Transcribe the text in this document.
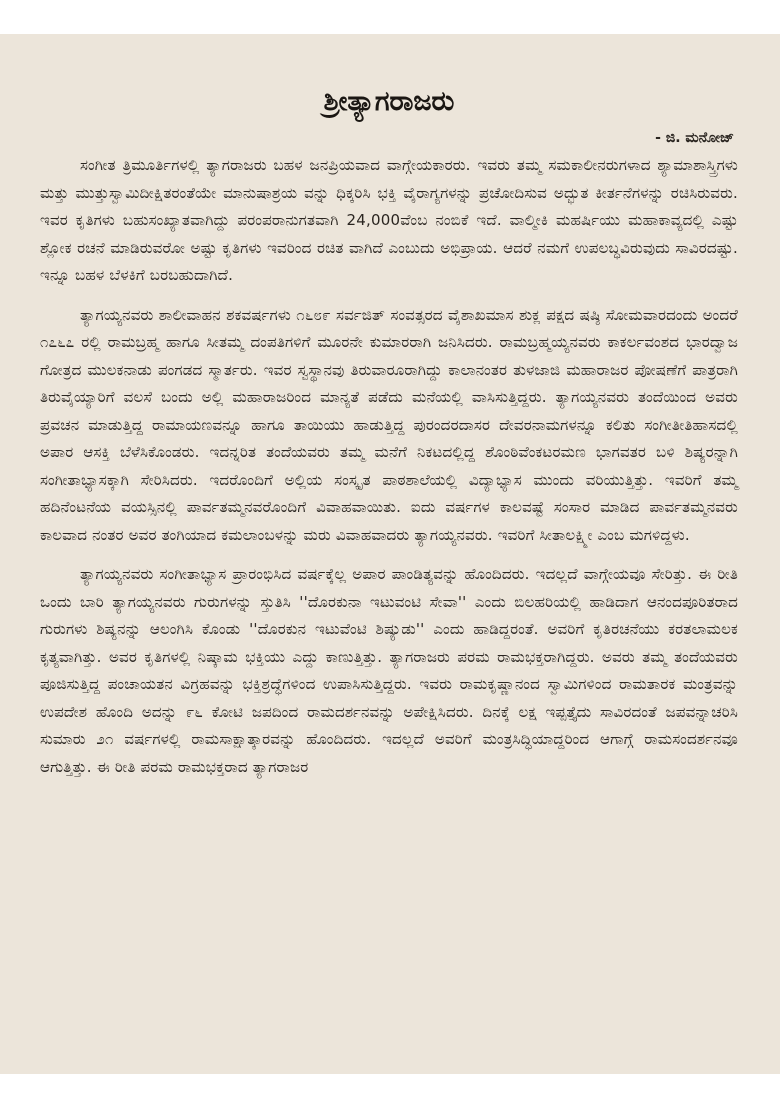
ಶ್ರೀತ್ಯಾಗರಾಜರು
- ಜಿ. ಮನೋಜ್

ಸಂಗೀತ ತ್ರಿಮೂರ್ತಿಗಳಲ್ಲಿ ತ್ಯಾಗರಾಜರು ಬಹಳ ಜನಪ್ರಿಯವಾದ ವಾಗ್ಗೇಯಕಾರರು. ಇವರು ತಮ್ಮ ಸಮಕಾಲೀನರುಗಳಾದ ಶ್ಯಾಮಾಶಾಸ್ತ್ರಿಗಳು ಮತ್ತು ಮುತ್ತುಸ್ವಾಮಿದೀಕ್ಷಿತರಂತೆಯೇ ಮಾನುಷಾಶ್ರಯ ವನ್ನು ಧಿಕ್ಕರಿಸಿ ಭಕ್ತಿ ವೈರಾಗ್ಯಗಳನ್ನು ಪ್ರಚೋದಿಸುವ ಅದ್ಭುತ ಕೀರ್ತನೆಗಳನ್ನು ರಚಿಸಿರುವರು. ಇವರ ಕೃತಿಗಳು ಬಹುಸಂಖ್ಯಾತವಾಗಿದ್ದು ಪರಂಪರಾನುಗತವಾಗಿ 24,000ವೆಂಬ ನಂಬಿಕೆ ಇದೆ. ವಾಲ್ಮೀಕಿ ಮಹರ್ಷಿಯು ಮಹಾಕಾವ್ಯದಲ್ಲಿ ಎಷ್ಟು ಶ್ಲೋಕ ರಚನೆ ಮಾಡಿರುವರೋ ಅಷ್ಟು ಕೃತಿಗಳು ಇವರಿಂದ ರಚಿತ ವಾಗಿದೆ ಎಂಬುದು ಅಭಿಪ್ರಾಯ. ಆದರೆ ನಮಗೆ ಉಪಲಬ್ಧವಿರುವುದು ಸಾವಿರದಷ್ಟು. ಇನ್ನೂ ಬಹಳ ಬೆಳಕಿಗೆ ಬರಬಹುದಾಗಿದೆ.

ತ್ಯಾಗಯ್ಯನವರು ಶಾಲೀವಾಹನ ಶಕವರ್ಷಗಳು ೧೬೮೯ ಸರ್ವಜಿತ್ ಸಂವತ್ಸರದ ವೈಶಾಖಮಾಸ ಶುಕ್ಲ ಪಕ್ಷದ ಷಷ್ಠಿ ಸೋಮವಾರದಂದು ಅಂದರೆ ೧೭೬೭ ರಲ್ಲಿ ರಾಮಬ್ರಹ್ಮ ಹಾಗೂ ಸೀತಮ್ಮ ದಂಪತಿಗಳಿಗೆ ಮೂರನೇ ಕುಮಾರರಾಗಿ ಜನಿಸಿದರು. ರಾಮಬ್ರಹ್ಮಯ್ಯನವರು ಕಾಕರ್ಲವಂಶದ ಭಾರದ್ವಾಜ ಗೋತ್ರದ ಮುಲಕನಾಡು ಪಂಗಡದ ಸ್ಮಾರ್ತರು. ಇವರ ಸ್ವಸ್ಥಾನವು ತಿರುವಾರೂರಾಗಿದ್ದು ಕಾಲಾನಂತರ ತುಳಜಾಜಿ ಮಹಾರಾಜರ ಪೋಷಣೆಗೆ ಪಾತ್ರರಾಗಿ ತಿರುವೈಯ್ಯಾರಿಗೆ ವಲಸೆ ಬಂದು ಅಲ್ಲಿ ಮಹಾರಾಜರಿಂದ ಮಾನ್ಯತೆ ಪಡೆದು ಮನೆಯಲ್ಲಿ ವಾಸಿಸುತ್ತಿದ್ದರು. ತ್ಯಾಗಯ್ಯನವರು ತಂದೆಯಿಂದ ಅವರು ಪ್ರವಚನ ಮಾಡುತ್ತಿದ್ದ ರಾಮಾಯಣವನ್ನೂ ಹಾಗೂ ತಾಯಿಯು ಹಾಡುತ್ತಿದ್ದ ಪುರಂದರದಾಸರ ದೇವರನಾಮಗಳನ್ನೂ ಕಲಿತು ಸಂಗೀತೀತಿಹಾಸದಲ್ಲಿ ಅಪಾರ ಆಸಕ್ತಿ ಬೆಳೆಸಿಕೊಂಡರು. ಇದನ್ನರಿತ ತಂದೆಯವರು ತಮ್ಮ ಮನೆಗೆ ನಿಕಟದಲ್ಲಿದ್ದ ಶೊಂಠಿವೆಂಕಟರಮಣ ಭಾಗವತರ ಬಳಿ ಶಿಷ್ಯರನ್ನಾಗಿ ಸಂಗೀತಾಭ್ಯಾಸಕ್ಕಾಗಿ ಸೇರಿಸಿದರು. ಇದರೊಂದಿಗೆ ಅಲ್ಲಿಯ ಸಂಸ್ಕೃತ ಪಾಠಶಾಲೆಯಲ್ಲಿ ವಿದ್ಯಾಭ್ಯಾಸ ಮುಂದು ವರಿಯುತ್ತಿತ್ತು. ಇವರಿಗೆ ತಮ್ಮ ಹದಿನೆಂಟನೆಯ ವಯಸ್ಸಿನಲ್ಲಿ ಪಾರ್ವತಮ್ಮನವರೊಂದಿಗೆ ವಿವಾಹವಾಯಿತು. ಐದು ವರ್ಷಗಳ ಕಾಲವಷ್ಟೆ ಸಂಸಾರ ಮಾಡಿದ ಪಾರ್ವತಮ್ಮನವರು ಕಾಲವಾದ ನಂತರ ಅವರ ತಂಗಿಯಾದ ಕಮಲಾಂಬಳನ್ನು ಮರು ವಿವಾಹವಾದರು ತ್ಯಾಗಯ್ಯನವರು. ಇವರಿಗೆ ಸೀತಾಲಕ್ಷ್ಮೀ ಎಂಬ ಮಗಳಿದ್ದಳು.

ತ್ಯಾಗಯ್ಯನವರು ಸಂಗೀತಾಭ್ಯಾಸ ಪ್ರಾರಂಭಿಸಿದ ವರ್ಷಕ್ಕೆಲ್ಲ ಅಪಾರ ಪಾಂಡಿತ್ಯವನ್ನು ಹೊಂದಿದರು. ಇದಲ್ಲದೆ ವಾಗ್ಗೇಯವೂ ಸೇರಿತ್ತು. ಈ ರೀತಿ ಒಂದು ಬಾರಿ ತ್ಯಾಗಯ್ಯನವರು ಗುರುಗಳನ್ನು ಸ್ತುತಿಸಿ ''ದೊರಕುನಾ ಇಟುವಂಟಿ ಸೇವಾ'' ಎಂದು ಬಿಲಹರಿಯಲ್ಲಿ ಹಾಡಿದಾಗ ಆನಂದಪೂರಿತರಾದ ಗುರುಗಳು ಶಿಷ್ಯನನ್ನು ಆಲಂಗಿಸಿ ಕೊಂಡು ''ದೊರಕುನ ಇಟುವೆಂಟಿ ಶಿಷ್ಯುಡು'' ಎಂದು ಹಾಡಿದ್ದರಂತೆ. ಅವರಿಗೆ ಕೃತಿರಚನೆಯು ಕರತಲಾಮಲಕ ಕೃತ್ಯವಾಗಿತ್ತು. ಅವರ ಕೃತಿಗಳಲ್ಲಿ ನಿಷ್ಕಾಮ ಭಕ್ತಿಯು ಎದ್ದು ಕಾಣುತ್ತಿತ್ತು. ತ್ಯಾಗರಾಜರು ಪರಮ ರಾಮಭಕ್ತರಾಗಿದ್ದರು. ಅವರು ತಮ್ಮ ತಂದೆಯವರು ಪೂಜಿಸುತ್ತಿದ್ದ ಪಂಚಾಯತನ ವಿಗ್ರಹವನ್ನು ಭಕ್ತಿಶ್ರದ್ಧೆಗಳಿಂದ ಉಪಾಸಿಸುತ್ತಿದ್ದರು. ಇವರು ರಾಮಕೃಷ್ಣಾನಂದ ಸ್ವಾಮಿಗಳಿಂದ ರಾಮತಾರಕ ಮಂತ್ರವನ್ನು ಉಪದೇಶ ಹೊಂದಿ ಅದನ್ನು ೯೬ ಕೋಟಿ ಜಪದಿಂದ ರಾಮದರ್ಶನವನ್ನು ಅಪೇಕ್ಷಿಸಿದರು. ದಿನಕ್ಕೆ ಲಕ್ಷ ಇಪ್ಪತ್ತೈದು ಸಾವಿರದಂತೆ ಜಪವನ್ನಾಚರಿಸಿ ಸುಮಾರು ೨೧ ವರ್ಷಗಳಲ್ಲಿ ರಾಮಸಾಕ್ಷಾತ್ಕಾರವನ್ನು ಹೊಂದಿದರು. ಇದಲ್ಲದೆ ಅವರಿಗೆ ಮಂತ್ರಸಿದ್ಧಿಯಾದ್ದರಿಂದ ಆಗಾಗ್ಗೆ ರಾಮಸಂದರ್ಶನವೂ ಆಗುತ್ತಿತ್ತು. ಈ ರೀತಿ ಪರಮ ರಾಮಭಕ್ತರಾದ ತ್ಯಾಗರಾಜರ
